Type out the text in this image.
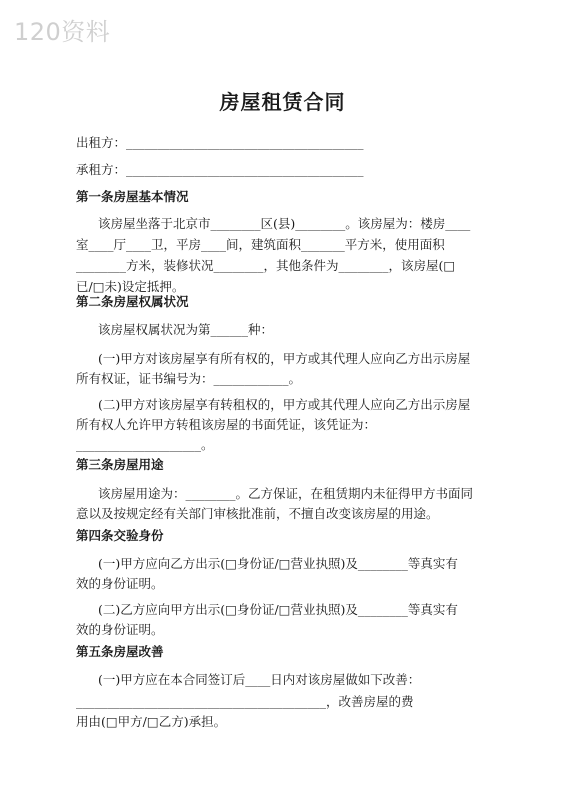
120资料
房屋租赁合同
出租方：______________________________________
承租方：______________________________________
第一条房屋基本情况
该房屋坐落于北京市________区(县)________。该房屋为：楼房____
室____厅____卫，平房____间，建筑面积_______平方米，使用面积
________方米，装修状况________，其他条件为________，该房屋(□
已/□未)设定抵押。
第二条房屋权属状况
该房屋权属状况为第______种：
(一)甲方对该房屋享有所有权的，甲方或其代理人应向乙方出示房屋
所有权证，证书编号为：____________。
(二)甲方对该房屋享有转租权的，甲方或其代理人应向乙方出示房屋
所有权人允许甲方转租该房屋的书面凭证，该凭证为：
____________________。
第三条房屋用途
该房屋用途为：________。乙方保证，在租赁期内未征得甲方书面同
意以及按规定经有关部门审核批准前，不擅自改变该房屋的用途。
第四条交验身份
(一)甲方应向乙方出示(□身份证/□营业执照)及________等真实有
效的身份证明。
(二)乙方应向甲方出示(□身份证/□营业执照)及________等真实有
效的身份证明。
第五条房屋改善
(一)甲方应在本合同签订后____日内对该房屋做如下改善：
________________________________________，改善房屋的费
用由(□甲方/□乙方)承担。
